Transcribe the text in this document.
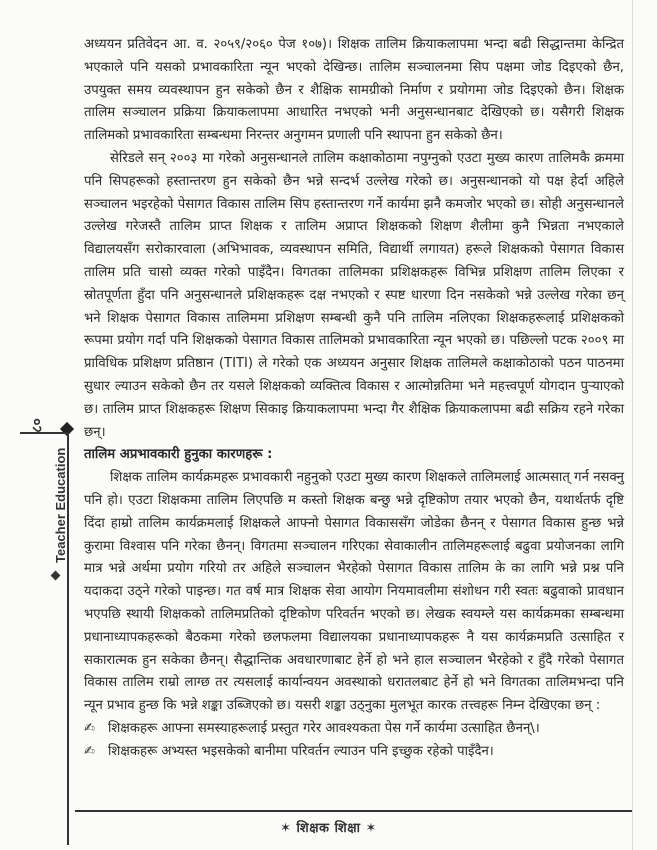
८०
Teacher Education

अध्ययन प्रतिवेदन आ. व. २०५९/२०६० पेज १०७)। शिक्षक तालिम क्रियाकलापमा भन्दा बढी सिद्धान्तमा केन्द्रित भएकाले पनि यसको प्रभावकारिता न्यून भएको देखिन्छ। तालिम सञ्चालनमा सिप पक्षमा जोड दिइएको छैन, उपयुक्त समय व्यवस्थापन हुन सकेको छैन र शैक्षिक सामग्रीको निर्माण र प्रयोगमा जोड दिइएको छैन। शिक्षक तालिम सञ्चालन प्रक्रिया क्रियाकलापमा आधारित नभएको भनी अनुसन्धानबाट देखिएको छ। यसैगरी शिक्षक तालिमको प्रभावकारिता सम्बन्धमा निरन्तर अनुगमन प्रणाली पनि स्थापना हुन सकेको छैन।

सेरिडले सन् २००३ मा गरेको अनुसन्धानले तालिम कक्षाकोठामा नपुग्नुको एउटा मुख्य कारण तालिमकै क्रममा पनि सिपहरूको हस्तान्तरण हुन सकेको छैन भन्ने सन्दर्भ उल्लेख गरेको छ। अनुसन्धानको यो पक्ष हेर्दा अहिले सञ्चालन भइरहेको पेसागत विकास तालिम सिप हस्तान्तरण गर्ने कार्यमा झनै कमजोर भएको छ। सोही अनुसन्धानले उल्लेख गरेजस्तै तालिम प्राप्त शिक्षक र तालिम अप्राप्त शिक्षकको शिक्षण शैलीमा कुनै भिन्नता नभएकाले विद्यालयसँग सरोकारवाला (अभिभावक, व्यवस्थापन समिति, विद्यार्थी लगायत) हरूले शिक्षकको पेसागत विकास तालिम प्रति चासो व्यक्त गरेको पाइँदैन। विगतका तालिमका प्रशिक्षकहरू विभिन्न प्रशिक्षण तालिम लिएका र स्रोतपूर्णता हुँदा पनि अनुसन्धानले प्रशिक्षकहरू दक्ष नभएको र स्पष्ट धारणा दिन नसकेको भन्ने उल्लेख गरेका छन् भने शिक्षक पेसागत विकास तालिममा प्रशिक्षण सम्बन्धी कुनै पनि तालिम नलिएका शिक्षकहरूलाई प्रशिक्षकको रूपमा प्रयोग गर्दा पनि शिक्षकको पेसागत विकास तालिमको प्रभावकारिता न्यून भएको छ। पछिल्लो पटक २००९ मा प्राविधिक प्रशिक्षण प्रतिष्ठान (TITI) ले गरेको एक अध्ययन अनुसार शिक्षक तालिमले कक्षाकोठाको पठन पाठनमा सुधार ल्याउन सकेको छैन तर यसले शिक्षकको व्यक्तित्व विकास र आत्मोन्नतिमा भने महत्त्वपूर्ण योगदान पुऱ्याएको छ। तालिम प्राप्त शिक्षकहरू शिक्षण सिकाइ क्रियाकलापमा भन्दा गैर शैक्षिक क्रियाकलापमा बढी सक्रिय रहने गरेका छन्।

तालिम अप्रभावकारी हुनुका कारणहरू :

शिक्षक तालिम कार्यक्रमहरू प्रभावकारी नहुनुको एउटा मुख्य कारण शिक्षकले तालिमलाई आत्मसात् गर्न नसक्नु पनि हो। एउटा शिक्षकमा तालिम लिएपछि म कस्तो शिक्षक बन्छु भन्ने दृष्टिकोण तयार भएको छैन, यथार्थतर्फ दृष्टि दिंदा हाम्रो तालिम कार्यक्रमलाई शिक्षकले आफ्नो पेसागत विकाससँग जोडेका छैनन् र पेसागत विकास हुन्छ भन्ने कुरामा विश्वास पनि गरेका छैनन्। विगतमा सञ्चालन गरिएका सेवाकालीन तालिमहरूलाई बढुवा प्रयोजनका लागि मात्र भन्ने अर्थमा प्रयोग गरियो तर अहिले सञ्चालन भैरहेको पेसागत विकास तालिम के का लागि भन्ने प्रश्न पनि यदाकदा उठ्ने गरेको पाइन्छ। गत वर्ष मात्र शिक्षक सेवा आयोग नियमावलीमा संशोधन गरी स्वतः बढुवाको प्रावधान भएपछि स्थायी शिक्षकको तालिमप्रतिको दृष्टिकोण परिवर्तन भएको छ। लेखक स्वयम्ले यस कार्यक्रमका सम्बन्धमा प्रधानाध्यापकहरूको बैठकमा गरेको छलफलमा विद्यालयका प्रधानाध्यापकहरू नै यस कार्यक्रमप्रति उत्साहित र सकारात्मक हुन सकेका छैनन्। सैद्धान्तिक अवधारणाबाट हेर्ने हो भने हाल सञ्चालन भैरहेको र हुँदै गरेको पेसागत विकास तालिम राम्रो लाग्छ तर त्यसलाई कार्यान्वयन अवस्थाको धरातलबाट हेर्ने हो भने विगतका तालिमभन्दा पनि न्यून प्रभाव हुन्छ कि भन्ने शङ्का उब्जिएको छ। यसरी शङ्का उठ्नुका मुलभूत कारक तत्त्वहरू निम्न देखिएका छन् :

✍ शिक्षकहरू आफ्ना समस्याहरूलाई प्रस्तुत गरेर आवश्यकता पेस गर्ने कार्यमा उत्साहित छैनन्\।
✍ शिक्षकहरू अभ्यस्त भइसकेको बानीमा परिवर्तन ल्याउन पनि इच्छुक रहेको पाइँदैन।
✶ शिक्षक शिक्षा ✶
